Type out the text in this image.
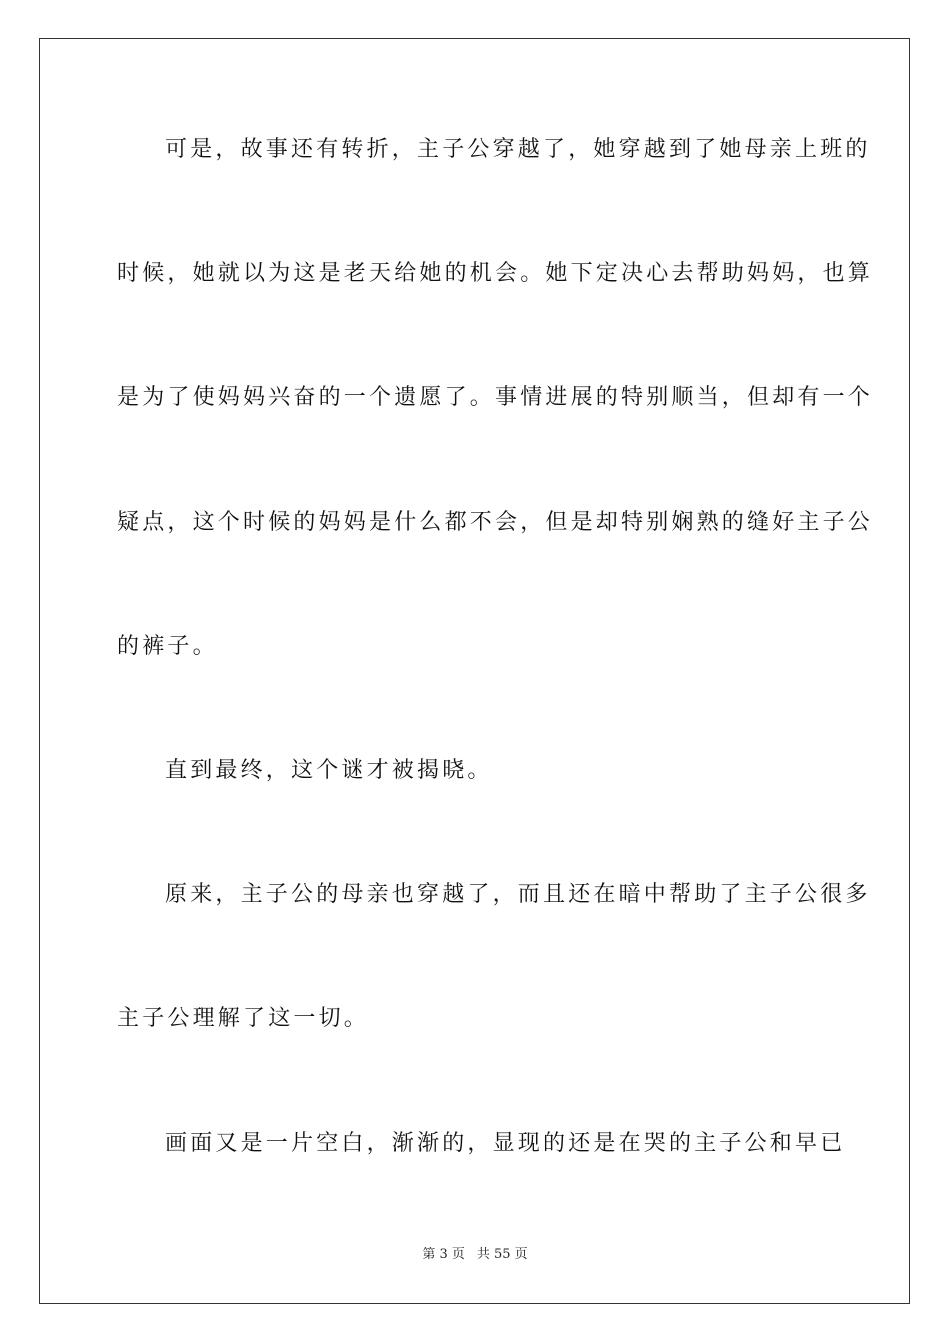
可是，故事还有转折，主子公穿越了，她穿越到了她母亲上班的
时候，她就以为这是老天给她的机会。她下定决心去帮助妈妈，也算
是为了使妈妈兴奋的一个遗愿了。事情进展的特别顺当，但却有一个
疑点，这个时候的妈妈是什么都不会，但是却特别娴熟的缝好主子公
的裤子。
直到最终，这个谜才被揭晓。
原来，主子公的母亲也穿越了，而且还在暗中帮助了主子公很多
主子公理解了这一切。
画面又是一片空白，渐渐的，显现的还是在哭的主子公和早已
第 3 页 共 55 页
